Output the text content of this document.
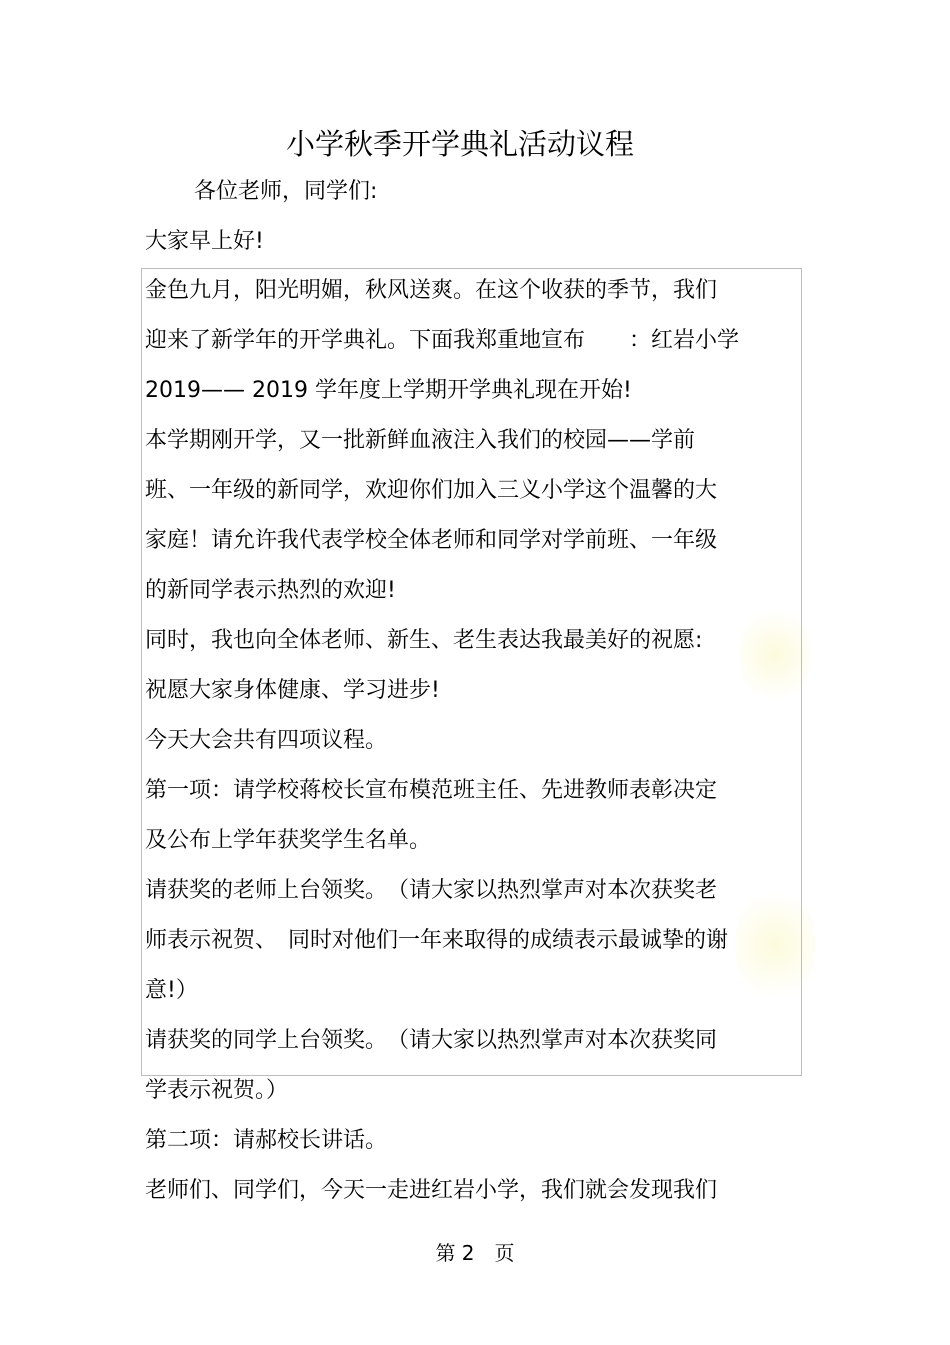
小学秋季开学典礼活动议程
各位老师，同学们:
大家早上好!
金色九月，阳光明媚，秋风送爽。在这个收获的季节，我们
迎来了新学年的开学典礼。下面我郑重地宣布　　：红岩小学
2019—— 2019 学年度上学期开学典礼现在开始!
本学期刚开学，又一批新鲜血液注入我们的校园——学前
班、一年级的新同学，欢迎你们加入三义小学这个温馨的大
家庭！请允许我代表学校全体老师和同学对学前班、一年级
的新同学表示热烈的欢迎!
同时，我也向全体老师、新生、老生表达我最美好的祝愿:
祝愿大家身体健康、学习进步!
今天大会共有四项议程。
第一项：请学校蒋校长宣布模范班主任、先进教师表彰决定
及公布上学年获奖学生名单。
请获奖的老师上台领奖。　（请大家以热烈掌声对本次获奖老
师表示祝贺、　同时对他们一年来取得的成绩表示最诚挚的谢
意!）
请获奖的同学上台领奖。　（请大家以热烈掌声对本次获奖同
学表示祝贺。）
第二项：请郝校长讲话。
老师们、同学们，今天一走进红岩小学，我们就会发现我们
第 2　页
